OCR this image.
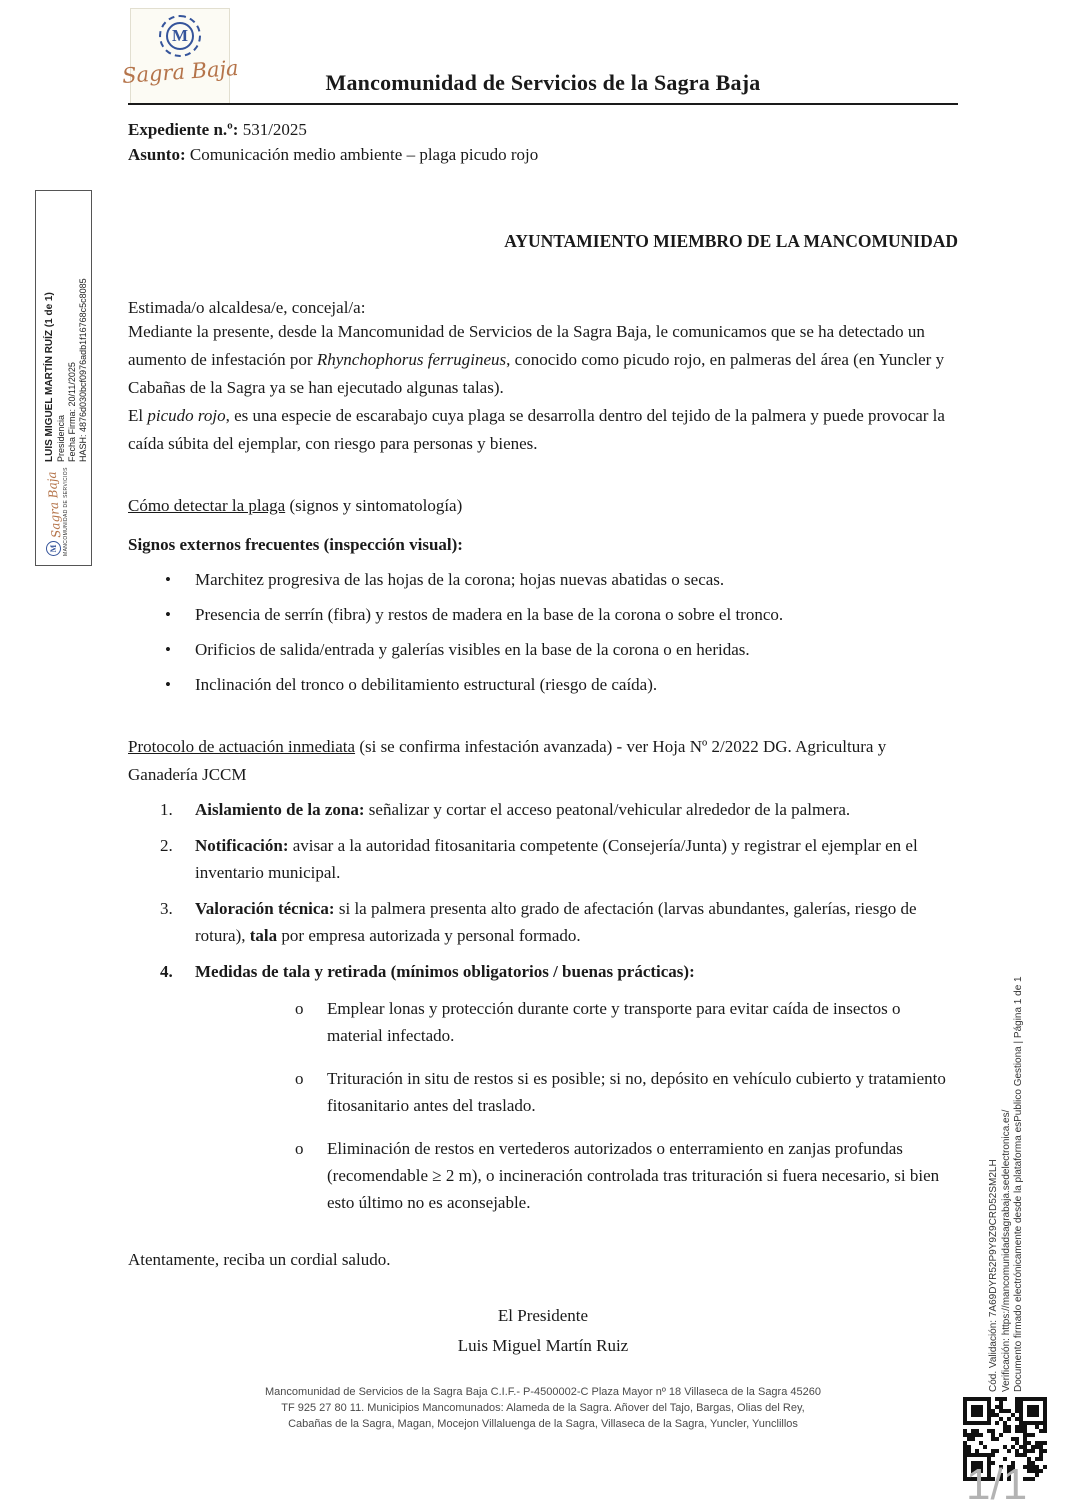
M
Sagra Baja
LUIS MIGUEL MARTÍN RUÍZ (1 de 1) Presidencia Fecha Firma: 20/11/2025 HASH: 4876d030bcf0976adb1f16768c5c8085
M
Sagra Baja MANCOMUNIDAD DE SERVICIOS
Cód. Validación: 7A69DYR52P9Y9Z9CRD52SM2LH Verificación: https://mancomunidadsagrabaja.sedelectronica.es/ Documento firmado electrónicamente desde la plataforma esPublico Gestiona | Página 1 de 1
1/1
Mancomunidad de Servicios de la Sagra Baja
Expediente n.º: 531/2025
Asunto: Comunicación medio ambiente – plaga picudo rojo
AYUNTAMIENTO MIEMBRO DE LA MANCOMUNIDAD
Estimada/o alcaldesa/e, concejal/a:

Mediante la presente, desde la Mancomunidad de Servicios de la Sagra Baja, le comunicamos que se ha detectado un aumento de infestación por Rhynchophorus ferrugineus, conocido como picudo rojo, en palmeras del área (en Yuncler y Cabañas de la Sagra ya se han ejecutado algunas talas).

El picudo rojo, es una especie de escarabajo cuya plaga se desarrolla dentro del tejido de la palmera y puede provocar la caída súbita del ejemplar, con riesgo para personas y bienes.

Cómo detectar la plaga (signos y sintomatología)
Signos externos frecuentes (inspección visual):
• Marchitez progresiva de las hojas de la corona; hojas nuevas abatidas o secas.
• Presencia de serrín (fibra) y restos de madera en la base de la corona o sobre el tronco.
• Orificios de salida/entrada y galerías visibles en la base de la corona o en heridas.
• Inclinación del tronco o debilitamiento estructural (riesgo de caída).
Protocolo de actuación inmediata (si se confirma infestación avanzada) - ver Hoja Nº 2/2022 DG. Agricultura y Ganadería JCCM
1. Aislamiento de la zona: señalizar y cortar el acceso peatonal/vehicular alrededor de la palmera.
2. Notificación: avisar a la autoridad fitosanitaria competente (Consejería/Junta) y registrar el ejemplar en el inventario municipal.
3. Valoración técnica: si la palmera presenta alto grado de afectación (larvas abundantes, galerías, riesgo de rotura), tala por empresa autorizada y personal formado.
4. Medidas de tala y retirada (mínimos obligatorios / buenas prácticas):
o Emplear lonas y protección durante corte y transporte para evitar caída de insectos o material infectado.
o Trituración in situ de restos si es posible; si no, depósito en vehículo cubierto y tratamiento fitosanitario antes del traslado.
o Eliminación de restos en vertederos autorizados o enterramiento en zanjas profundas (recomendable ≥ 2 m), o incineración controlada tras trituración si fuera necesario, si bien esto último no es aconsejable.
Atentamente, reciba un cordial saludo.
El Presidente
Luis Miguel Martín Ruiz
Mancomunidad de Servicios de la Sagra Baja C.I.F.- P-4500002-C Plaza Mayor nº 18 Villaseca de la Sagra 45260
TF 925 27 80 11. Municipios Mancomunados: Alameda de la Sagra. Añover del Tajo, Bargas, Olias del Rey,
Cabañas de la Sagra, Magan, Mocejon Villaluenga de la Sagra, Villaseca de la Sagra, Yuncler, Yunclillos
